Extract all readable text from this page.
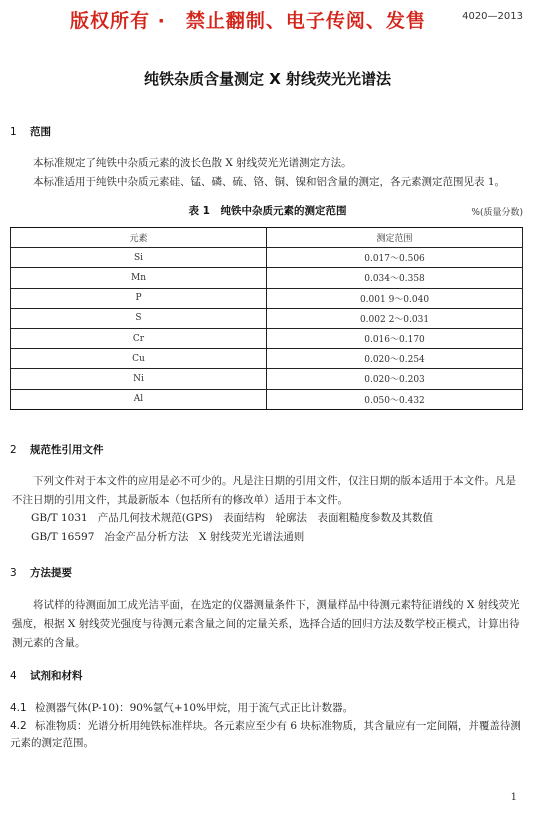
版权所有 ·　禁止翻制、电子传阅、发售	4020—2013
纯铁杂质含量测定 X 射线荧光光谱法
1 范围
本标准规定了纯铁中杂质元素的波长色散 X 射线荧光光谱测定方法。
本标准适用于纯铁中杂质元素硅、锰、磷、硫、铬、铜、镍和铝含量的测定，各元素测定范围见表 1。
表 1　纯铁中杂质元素的测定范围	%(质量分数)
元素	测定范围
Si	0.017～0.506
Mn	0.034～0.358
P	0.001 9～0.040
S	0.002 2～0.031
Cr	0.016～0.170
Cu	0.020～0.254
Ni	0.020～0.203
Al	0.050～0.432
2 规范性引用文件
下列文件对于本文件的应用是必不可少的。凡是注日期的引用文件，仅注日期的版本适用于本文件。凡是不注日期的引用文件，其最新版本（包括所有的修改单）适用于本文件。
GB/T 1031 产品几何技术规范(GPS)　表面结构　轮廓法　表面粗糙度参数及其数值
GB/T 16597 冶金产品分析方法　X 射线荧光光谱法通则
3 方法提要
将试样的待测面加工成光洁平面，在选定的仪器测量条件下，测量样品中待测元素特征谱线的 X 射线荧光强度，根据 X 射线荧光强度与待测元素含量之间的定量关系，选择合适的回归方法及数学校正模式，计算出待测元素的含量。
4 试剂和材料
4.1 检测器气体(P-10)：90%氩气+10%甲烷，用于流气式正比计数器。
4.2 标准物质：光谱分析用纯铁标准样块。各元素应至少有 6 块标准物质，其含量应有一定间隔，并覆盖待测元素的测定范围。
1
